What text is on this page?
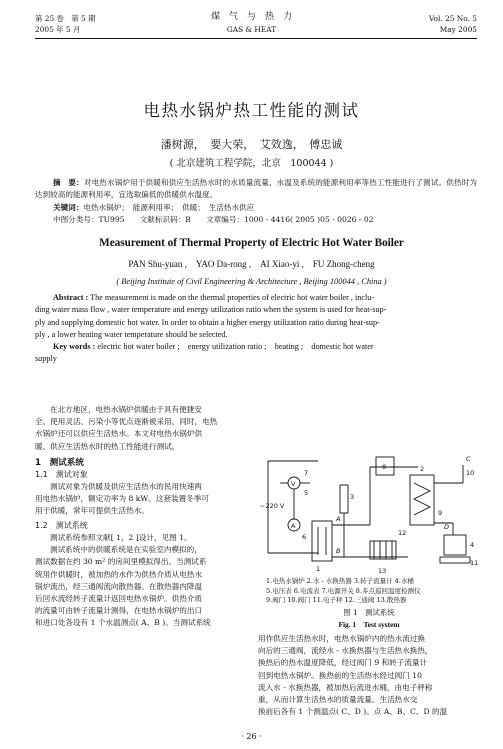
第 25 卷　第 5 期
2005 年 5 月
煤　气　与　热　力
GAS & HEAT
Vol. 25 No. 5
May 2005
电热水锅炉热工性能的测试
潘树源，　要大荣，　艾效逸，　傅忠诚
( 北京建筑工程学院，北京　100044 )

摘　要：对电热水锅炉用于供暖和供应生活热水时的水质量流量、水温及系统的能源利用率等热工性能进行了测试。供热时为达到较高的能源利用率，宜选取偏低的供暖供水温度。

关键词：电热水锅炉；　能源利用率；　供暖；　生活热水供应

中图分类号：TU995　　文献标识码：B　　文章编号：1000 - 4416( 2005 )05 - 0026 - 02

Measurement of Thermal Property of Electric Hot Water Boiler
PAN Shu-yuan ,　YAO Da-rong ,　AI Xiao-yi ,　FU Zhong-cheng
( Beijing Institute of Civil Engineering & Architecture , Beijing 100044 , China )
Abstract : The measurement is made on the thermal properties of electric hot water boiler , inclu-
ding water mass flow , water temperature and energy utilization ratio when the system is used for heat-sup-
ply and supplying domestic hot water. In order to obtain a higher energy utilization ratio during heat-sup-
ply , a lower heating water temperature should be selected.
Key words : electric hot water boiler ;　energy utilization ratio ;　heating ;　domestic hot water
supply
在北方地区，电热水锅炉供暖由于具有便捷安
全、使用灵活、污染小等优点逐渐被采用，同时，电热
水锅炉还可以供应生活热水。本文对电热水锅炉供
暖、供应生活热水时的热工性能进行测试。
1　测试系统
1.1　测试对象
测试对象为供暖及供应生活热水的民用快速两
用电热水锅炉，额定功率为 8 kW。这套装置冬季可
用于供暖，常年可提供生活热水。
1.2　测试系统
测试系统参照文献[ 1，2 ]设计，见图 1。
测试系统中的供暖系统是在实验室内模拟的，
测试数据在约 30 m² 的房间里模拟得出。当测试系
统用作供暖时，被加热的水作为供热介质从电热水
锅炉流出，经三通阀流向散热器。在散热器内降温
后回水流经转子流量计返回电热水锅炉。供热介质
的流量可由转子流量计测得，在电热水锅炉的出口
和进口处各设有 1 个水温测点( A、B )。当测试系统
~220 V
V
A
7
5
6
1
3
8	2
12
13
9
10
4
11
A
B
C
D
1.电热水锅炉 2.水 - 水换热器 3.转子流量计 4.水桶
5.电压表 6.电流表 7.电源开关 8.多点巡回温度检测仪
9.阀门 10.阀门 11.电子秤 12.三通阀 13.散热器
图 1　测试系统
Fig. 1　Test system
用作供应生活热水时，电热水锅炉内的热水流过换
向后的三通阀，流经水 - 水换热器与生活热水换热，
换热后的热水温度降低，经过阀门 9 和转子流量计
回到电热水锅炉。换热前的生活热水经过阀门 10
流入水 - 水换热器，被加热后流进水桶，由电子秤称
重，从而计算生活热水的质量流量。生活热水交
换前后各有 1 个测温点( C、D )。点 A、B、C、D 的温
· 26 ·
